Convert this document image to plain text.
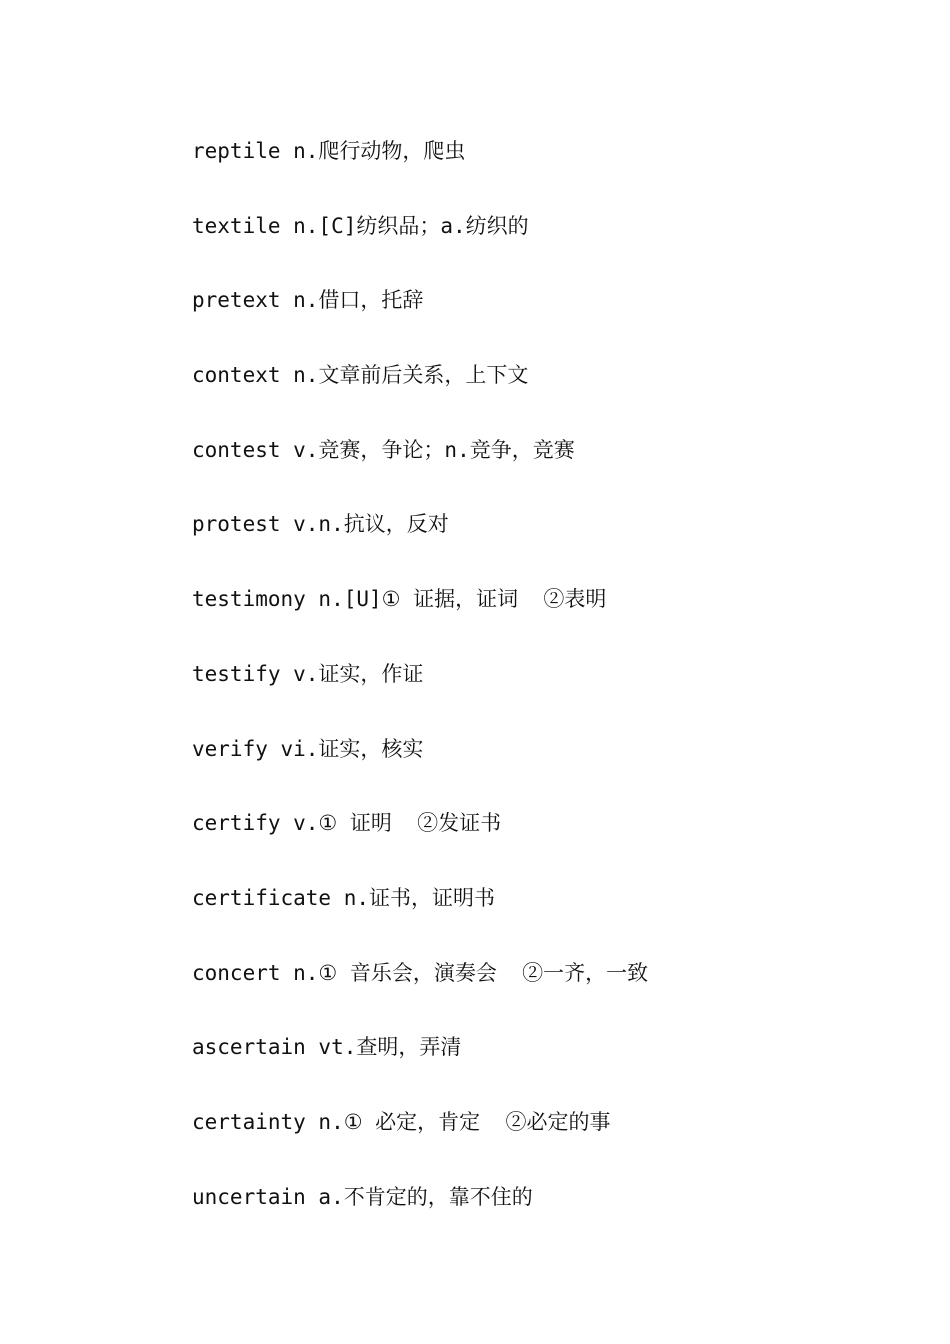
reptile n.爬行动物，爬虫
textile n.[C]纺织品；a.纺织的
pretext n.借口，托辞
context n.文章前后关系，上下文
contest v.竞赛，争论；n.竞争，竞赛
protest v.n.抗议，反对
testimony n.[U]① 证据，证词  ②表明
testify v.证实，作证
verify vi.证实，核实
certify v.① 证明  ②发证书
certificate n.证书，证明书
concert n.① 音乐会，演奏会  ②一齐，一致
ascertain vt.查明，弄清
certainty n.① 必定，肯定  ②必定的事
uncertain a.不肯定的，靠不住的
